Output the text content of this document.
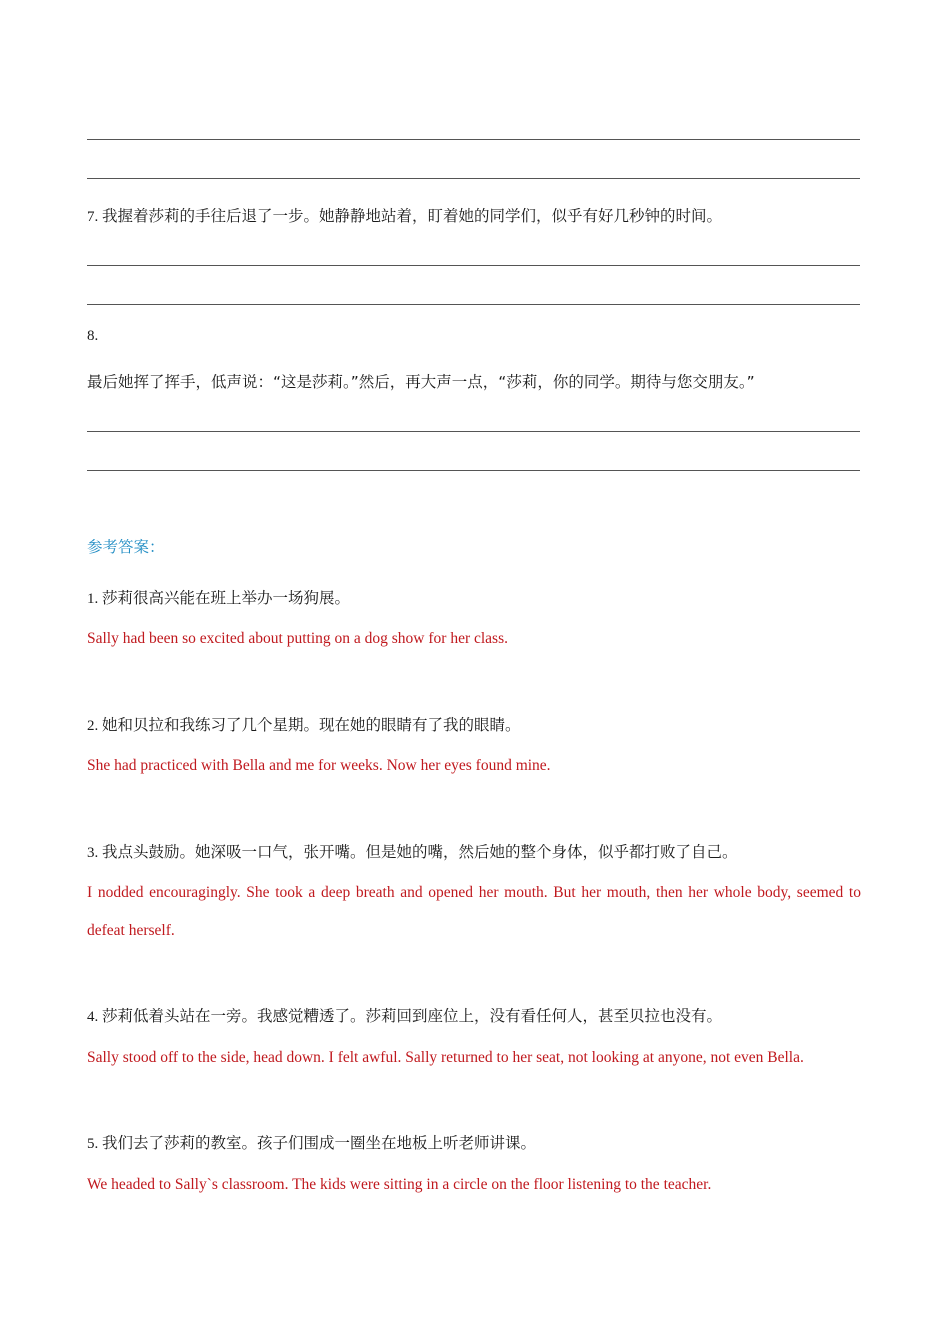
7. 我握着莎莉的手往后退了一步。她静静地站着，盯着她的同学们，似乎有好几秒钟的时间。
8.
最后她挥了挥手，低声说：“这是莎莉。”然后，再大声一点，“莎莉，你的同学。期待与您交朋友。”
参考答案：
1. 莎莉很高兴能在班上举办一场狗展。
Sally had been so excited about putting on a dog show for her class.
2. 她和贝拉和我练习了几个星期。现在她的眼睛有了我的眼睛。
She had practiced with Bella and me for weeks. Now her eyes found mine.
3. 我点头鼓励。她深吸一口气，张开嘴。但是她的嘴，然后她的整个身体，似乎都打败了自己。
I nodded encouragingly. She took a deep breath and opened her mouth. But her mouth, then her whole body, seemed to defeat herself.
4. 莎莉低着头站在一旁。我感觉糟透了。莎莉回到座位上，没有看任何人，甚至贝拉也没有。
Sally stood off to the side, head down. I felt awful. Sally returned to her seat, not looking at anyone, not even Bella.
5. 我们去了莎莉的教室。孩子们围成一圈坐在地板上听老师讲课。
We headed to Sally`s classroom. The kids were sitting in a circle on the floor listening to the teacher.
